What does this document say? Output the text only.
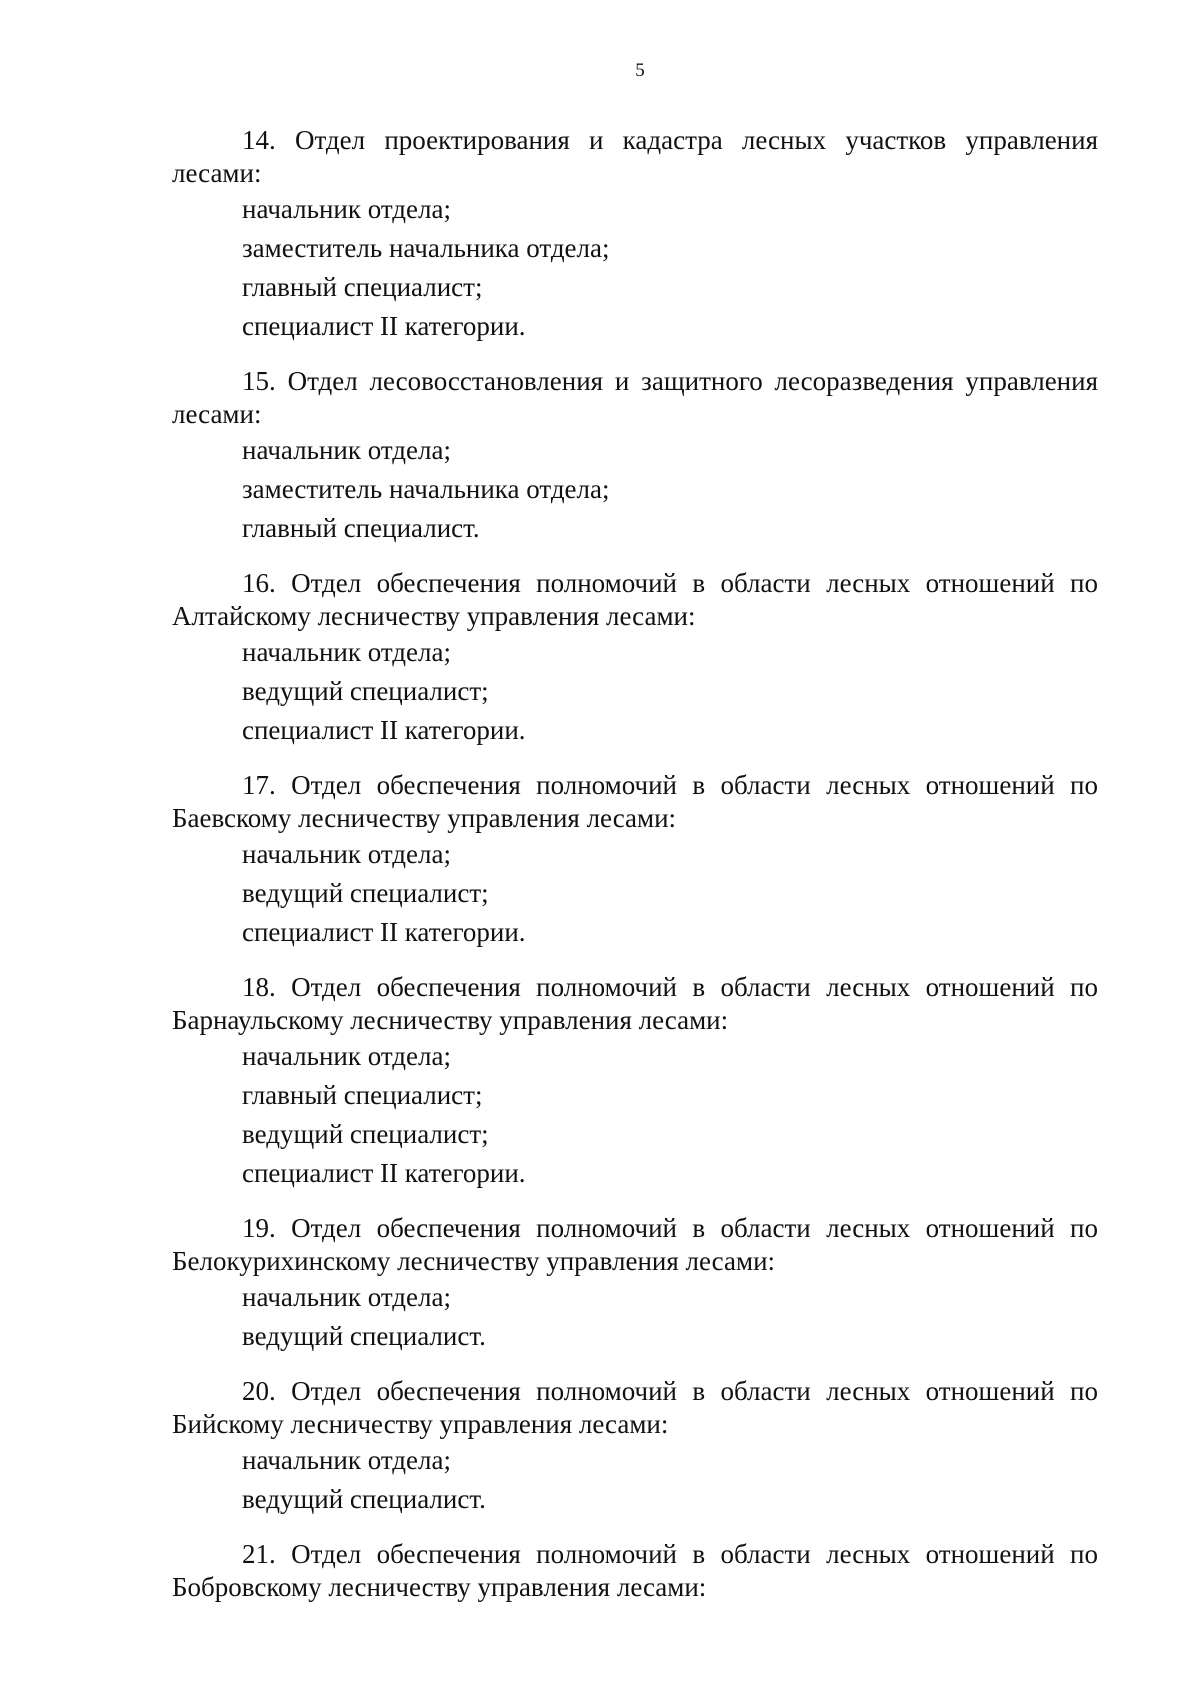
5

14. Отдел проектирования и кадастра лесных участков управления лесами:

начальник отдела;
заместитель начальника отдела;
главный специалист;
специалист II категории.

15. Отдел лесовосстановления и защитного лесоразведения управления лесами:

начальник отдела;
заместитель начальника отдела;
главный специалист.

16. Отдел обеспечения полномочий в области лесных отношений по Алтайскому лесничеству управления лесами:

начальник отдела;
ведущий специалист;
специалист II категории.

17. Отдел обеспечения полномочий в области лесных отношений по Баевскому лесничеству управления лесами:

начальник отдела;
ведущий специалист;
специалист II категории.

18. Отдел обеспечения полномочий в области лесных отношений по Барнаульскому лесничеству управления лесами:

начальник отдела;
главный специалист;
ведущий специалист;
специалист II категории.

19. Отдел обеспечения полномочий в области лесных отношений по Белокурихинскому лесничеству управления лесами:

начальник отдела;
ведущий специалист.

20. Отдел обеспечения полномочий в области лесных отношений по Бийскому лесничеству управления лесами:

начальник отдела;
ведущий специалист.

21. Отдел обеспечения полномочий в области лесных отношений по Бобровскому лесничеству управления лесами:
